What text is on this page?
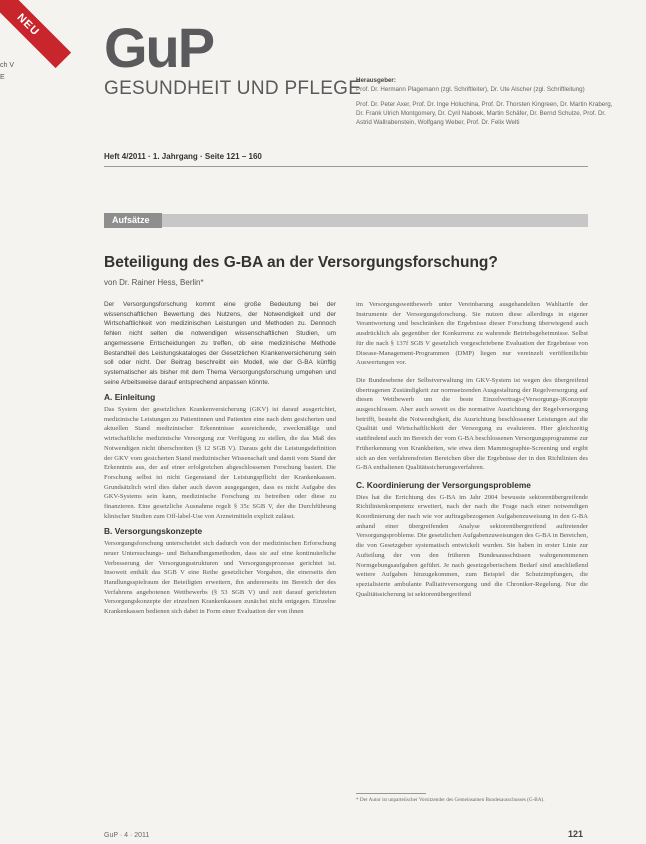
NEU
ch V
E GuP
GESUNDHEIT UND PFLEGE
Heft 4/2011 · 1. Jahrgang · Seite 121 – 160
Herausgeber:
Prof. Dr. Hermann Plagemann (zgl. Schriftleiter), Dr. Ute Alscher (zgl. Schriftleitung)
Prof. Dr. Peter Axer, Prof. Dr. Inge Holuchina, Prof. Dr. Thorsten Kingreen, Dr. Martin Kraberg, Dr. Frank Ulrich Montgomery, Dr. Cyril Naboek, Martin Schäfer, Dr. Bernd Schulze, Prof. Dr. Astrid Wallrabenstein, Wolfgang Weber, Prof. Dr. Felix Welti
Aufsätze
Beteiligung des G-BA an der Versorgungsforschung?
von Dr. Rainer Hess, Berlin*

Der Versorgungsforschung kommt eine große Bedeutung bei der wissenschaftlichen Bewertung des Nutzens, der Notwendigkeit und der Wirtschaftlichkeit von medizinischen Leistungen und Methoden zu. Dennoch fehlen nicht selten die notwendigen wissenschaftlichen Studien, um angemessene Entscheidungen zu treffen, ob eine medizinische Methode Bestandteil des Leistungskataloges der Gesetzlichen Krankenversicherung sein soll oder nicht. Der Beitrag beschreibt ein Modell, wie der G-BA künftig systematischer als bisher mit dem Thema Versorgungsforschung umgehen und seine Arbeitsweise darauf entsprechend anpassen könnte.

A. Einleitung

Das System der gesetzlichen Krankenversicherung (GKV) ist darauf ausgerichtet, medizinische Leistungen zu Patientinnen und Patienten eine nach dem gesicherten und aktuellen Stand medizinischer Erkenntnisse ausreichende, zweckmäßige und wirtschaftliche medizinische Versorgung zur Verfügung zu stellen, die das Maß des Notwendigen nicht überschreiten (§ 12 SGB V). Daraus geht die Leistungsdefinition der GKV vom gesicherten Stand medizinischer Wissenschaft und damit vom Stand der Erkenntnis aus, der auf einer erfolgreichen abgeschlossenen Forschung basiert. Die Forschung selbst ist nicht Gegenstand der Leistungspflicht der Krankenkassen. Grundsätzlich wird dies daher auch davon ausgegangen, dass es nicht Aufgabe des GKV-Systems sein kann, medizinische Forschung zu betreiben oder diese zu finanzieren. Eine gesetzliche Ausnahme regelt § 35c SGB V, der die Durchführung klinischer Studien zum Off-label-Use von Arzneimitteln explizit zulässt.

B. Versorgungskonzepte

Versorgungsforschung unterscheidet sich dadurch von der medizinischen Erforschung neuer Untersuchungs- und Behandlungsmethoden, dass sie auf eine kontinuierliche Verbesserung der Versorgungsstrukturen und Versorgungsprozesse gerichtet ist. Insoweit enthält das SGB V eine Reihe gesetzlicher Vorgaben, die einerseits den Handlungsspielraum der Beteiligten erweitern, ihn andererseits im Bereich der des Verfahrens angebotenen Wettbewerbs (§ 53 SGB V) und zeit darauf gerichteten Versorgungskonzepte der einzelnen Krankenkassen zunächst nicht entgegen. Einzelne Krankenkassen bedienen sich dabei in Form einer Evaluation der von ihnen

im Versorgungswettbewerb unter Vereinbarung ausgehandelten Wahltarife der Instrumente der Versorgungsforschung. Sie nutzen diese allerdings in eigener Verantwortung und beschränken die Ergebnisse dieser Forschung überwiegend auch ausdrücklich als gegenüber der Konkurrenz zu wahrende Betriebsgeheimnisse. Selbst für die nach § 137f SGB V gesetzlich vorgeschriebene Evaluation der Ergebnisse von Disease-Management-Programmen (DMP) liegen nur vereinzelt veröffentlichte Auswertungen vor.

Die Bundesebene der Selbstverwaltung im GKV-System ist wegen des übergreifend übertragenen Zuständigkeit zur normsetzenden Ausgestaltung der Regelversorgung auf diesen Wettbewerb um die beste Einzelvertrags-(Versorgungs-)Konzepte ausgeschlossen. Aber auch soweit es die normative Ausrichtung der Regelversorgung betrifft, besteht die Notwendigkeit, die Ausrichtung beschlossener Leistungen auf die Qualität und Wirtschaftlichkeit der Versorgung zu evaluieren. Hier gleichzeitig stattfindend auch im Bereich der vom G-BA beschlossenen Versorgungsprogramme zur Früherkennung von Krankheiten, wie etwa dem Mammographie-Screening und ergibt sich an den verfahrensfreien Bereichen über die Ergebnisse der in den Richtlinien des G-BA enthaltenen Qualitätssicherungsverfahren.

C. Koordinierung der Versorgungsprobleme

Dies hat die Errichtung des G-BA im Jahr 2004 bewusste sektorenübergreifende Richtlinienkompetenz erweitert, nach der nach die Frage nach einer notwendigen Koordinierung der nach wie vor auftragsbezogenen Aufgabenzuweisung in den G-BA anhand einer übergreifenden Analyse sektorenübergreifend auftretender Versorgungsprobleme. Die gesetzlichen Aufgabenzuweisungen des G-BA in Bereichen, die von Gesetzgeber systematisch entwickelt wurden. Sie haben in erster Linie zur Aufteilung der von den früheren Bundesausschüssen wahrgenommenen Normgebungsaufgaben geführt. Je nach gesetzgeberischem Bedarf sind anschließend weitere Aufgaben hinzugekommen, zum Beispiel die Schutzimpfungen, die spezialisierte ambulante Palliativversorgung und die Chroniker-Regelung. Nur die Qualitätssicherung ist sektorenübergreifend

* Der Autor ist unparteiischer Vorsitzender des Gemeinsamen Bundesausschusses (G-BA).
GuP · 4 · 2011	121
